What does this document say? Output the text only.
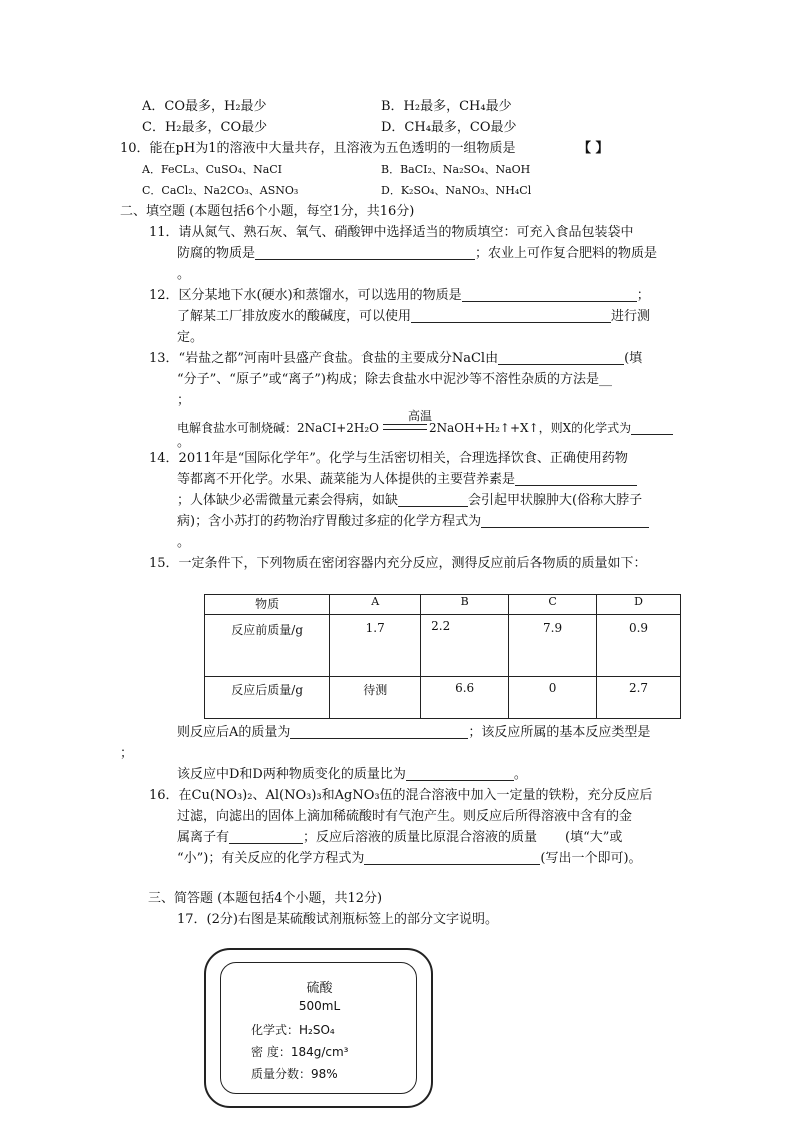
A．CO最多，H₂最少	B．H₂最多，CH₄最少
C．H₂最多，CO最少	D．CH₄最多，CO最少
10．能在pH为1的溶液中大量共存，且溶液为五色透明的一组物质是	【 】
A．FeCL₃、CuSO₄、NaCI	B．BaCI₂、Na₂SO₄、NaOH
C．CaCl₂、Na2CO₃、ASNO₃	D．K₂SO₄、NaNO₃、NH₄Cl
二、填空题 (本题包括6个小题，每空1分，共16分)
11．请从氮气、熟石灰、氧气、硝酸钾中选择适当的物质填空：可充入食品包装袋中
防腐的物质是	；农业上可作复合肥料的物质是
。
12．区分某地下水(硬水)和蒸馏水，可以选用的物质是	；
了解某工厂排放废水的酸碱度，可以使用	进行测
定。
13．“岩盐之都”河南叶县盛产食盐。食盐的主要成分NaCl由	(填
“分子”、“原子”或“离子”)构成；除去食盐水中泥沙等不溶性杂质的方法是__
；
高温
电解食盐水可制烧碱：2NaCI+2H₂O	2NaOH+H₂↑+X↑，则X的化学式为
。
14．2011年是“国际化学年”。化学与生活密切相关，合理选择饮食、正确使用药物
等都离不开化学。水果、蔬菜能为人体提供的主要营养素是
；人体缺少必需微量元素会得病，如缺	会引起甲状腺肿大(俗称大脖子
病)；含小苏打的药物治疗胃酸过多症的化学方程式为
。
15．一定条件下，下列物质在密闭容器内充分反应，测得反应前后各物质的质量如下：
物质	A	B	C	D
反应前质量/g	1.7	2.2	7.9	0.9
反应后质量/g	待测	6.6	0	2.7
则反应后A的质量为	；该反应所属的基本反应类型是
；
该反应中D和D两种物质变化的质量比为	。
16．在Cu(NO₃)₂、Al(NO₃)₃和AgNO₃伍的混合溶液中加入一定量的铁粉，充分反应后
过滤，向滤出的固体上滴加稀硫酸时有气泡产生。则反应后所得溶液中含有的金
属离子有	；反应后溶液的质量比原混合溶液的质量 (填“大”或
“小”)；有关反应的化学方程式为	(写出一个即可)。
三、简答题 (本题包括4个小题，共12分)
17．(2分)右图是某硫酸试剂瓶标签上的部分文字说明。
硫酸
500mL
化学式：H₂SO₄
密 度：184g/cm³
质量分数：98%
